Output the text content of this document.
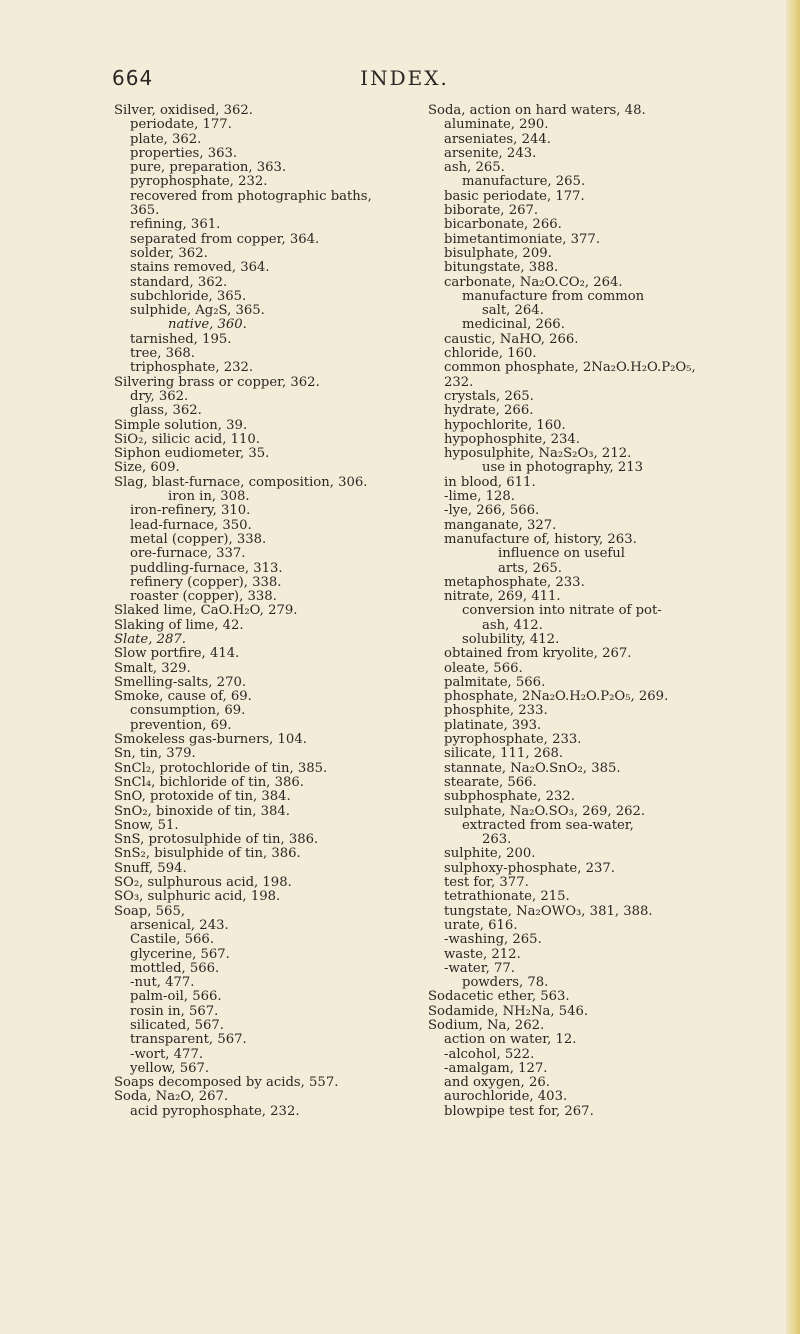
664	INDEX.
Silver, oxidised, 362.
periodate, 177.
plate, 362.
properties, 363.
pure, preparation, 363.
pyrophosphate, 232.
recovered from photographic baths,
365.
refining, 361.
separated from copper, 364.
solder, 362.
stains removed, 364.
standard, 362.
subchloride, 365.
sulphide, Ag₂S, 365.
native, 360.
tarnished, 195.
tree, 368.
triphosphate, 232.
Silvering brass or copper, 362.
dry, 362.
glass, 362.
Simple solution, 39.
SiO₂, silicic acid, 110.
Siphon eudiometer, 35.
Size, 609.
Slag, blast-furnace, composition, 306.
iron in, 308.
iron-refinery, 310.
lead-furnace, 350.
metal (copper), 338.
ore-furnace, 337.
puddling-furnace, 313.
refinery (copper), 338.
roaster (copper), 338.
Slaked lime, CaO.H₂O, 279.
Slaking of lime, 42.
Slate, 287.
Slow portfire, 414.
Smalt, 329.
Smelling-salts, 270.
Smoke, cause of, 69.
consumption, 69.
prevention, 69.
Smokeless gas-burners, 104.
Sn, tin, 379.
SnCl₂, protochloride of tin, 385.
SnCl₄, bichloride of tin, 386.
SnO, protoxide of tin, 384.
SnO₂, binoxide of tin, 384.
Snow, 51.
SnS, protosulphide of tin, 386.
SnS₂, bisulphide of tin, 386.
Snuff, 594.
SO₂, sulphurous acid, 198.
SO₃, sulphuric acid, 198.
Soap, 565,
arsenical, 243.
Castile, 566.
glycerine, 567.
mottled, 566.
-nut, 477.
palm-oil, 566.
rosin in, 567.
silicated, 567.
transparent, 567.
-wort, 477.
yellow, 567.
Soaps decomposed by acids, 557.
Soda, Na₂O, 267.
acid pyrophosphate, 232.
Soda, action on hard waters, 48.
aluminate, 290.
arseniates, 244.
arsenite, 243.
ash, 265.
manufacture, 265.
basic periodate, 177.
biborate, 267.
bicarbonate, 266.
bimetantimoniate, 377.
bisulphate, 209.
bitungstate, 388.
carbonate, Na₂O.CO₂, 264.
manufacture from common
salt, 264.
medicinal, 266.
caustic, NaHO, 266.
chloride, 160.
common phosphate, 2Na₂O.H₂O.P₂O₅,
232.
crystals, 265.
hydrate, 266.
hypochlorite, 160.
hypophosphite, 234.
hyposulphite, Na₂S₂O₃, 212.
use in photography, 213
in blood, 611.
-lime, 128.
-lye, 266, 566.
manganate, 327.
manufacture of, history, 263.
influence on useful
arts, 265.
metaphosphate, 233.
nitrate, 269, 411.
conversion into nitrate of pot-
ash, 412.
solubility, 412.
obtained from kryolite, 267.
oleate, 566.
palmitate, 566.
phosphate, 2Na₂O.H₂O.P₂O₅, 269.
phosphite, 233.
platinate, 393.
pyrophosphate, 233.
silicate, 111, 268.
stannate, Na₂O.SnO₂, 385.
stearate, 566.
subphosphate, 232.
sulphate, Na₂O.SO₃, 269, 262.
extracted from sea-water,
263.
sulphite, 200.
sulphoxy-phosphate, 237.
test for, 377.
tetrathionate, 215.
tungstate, Na₂OWO₃, 381, 388.
urate, 616.
-washing, 265.
waste, 212.
-water, 77.
powders, 78.
Sodacetic ether, 563.
Sodamide, NH₂Na, 546.
Sodium, Na, 262.
action on water, 12.
-alcohol, 522.
-amalgam, 127.
and oxygen, 26.
aurochloride, 403.
blowpipe test for, 267.
